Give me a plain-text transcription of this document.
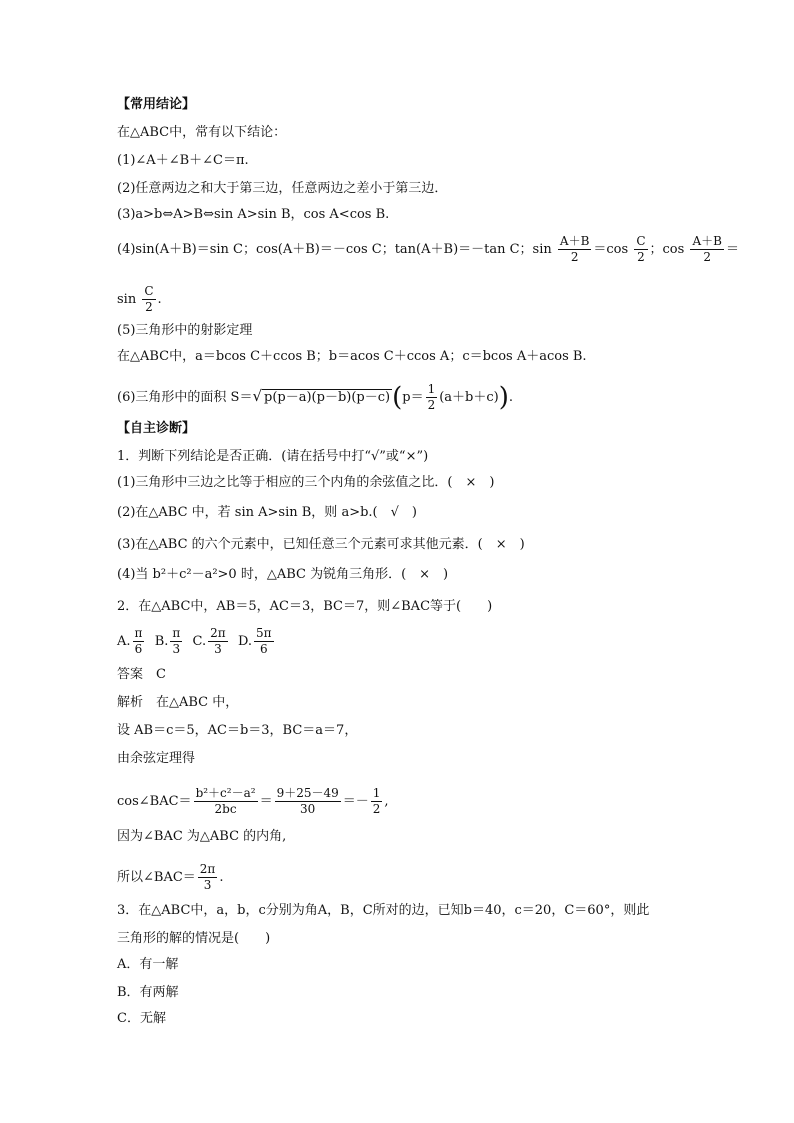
【常用结论】
在△ABC中，常有以下结论：
(1)∠A＋∠B＋∠C＝π.
(2)任意两边之和大于第三边，任意两边之差小于第三边．
(3)a>b⇔A>B⇔sin A>sin B，cos A<cos B.
(4)sin(A＋B)＝sin C；cos(A＋B)＝－cos C；tan(A＋B)＝－tan C；$\sin \frac{A+B}{2} =\cos \frac{C}{2}$ ；$\cos \frac{A+B}{2}$ ＝
$\sin \frac{C}{2}$ .
(5)三角形中的射影定理
在△ABC中，a＝bcos C＋ccos B；b＝acos C＋ccos A；c＝bcos A＋acos B.
(6)三角形中的面积 S＝√ $p(p-a)(p-b)(p-c)(p= \frac{1}{2} (a+b+c))$.
【自主诊断】
1．判断下列结论是否正确．(请在括号中打“√”或“×”)
(1)三角形中三边之比等于相应的三个内角的余弦值之比．(　×　)
(2)在△ABC 中，若 sin A>sin B，则 a>b.(　√　)
(3)在△ABC 的六个元素中，已知任意三个元素可求其他元素．(　×　)
(4)当 b²＋c²－a²>0 时，△ABC 为锐角三角形．(　×　)
2．在△ABC中，AB＝5，AC＝3，BC＝7，则∠BAC等于(　　)
A. $\frac{\pi}{6} B$. $\frac{\pi}{3} C$. $\frac{2\pi}{3} D$. $\frac{5\pi}{6}$
答案　C
解析　在△ABC 中，
设 AB＝c＝5，AC＝b＝3，BC＝a＝7，
由余弦定理得
cos∠BAC＝ $\frac{\text{b²＋c²－a²}}{2bc} = \frac{9+25-49}{30} =- \frac{1}{2}$ ,
因为∠BAC 为△ABC 的内角,
所以∠BAC＝ $\frac{2\pi}{3}$ .
3．在△ABC中，a，b，c分别为角A，B，C所对的边，已知b＝40，c＝20，C＝60°，则此
三角形的解的情况是(　　)
A．有一解
B．有两解
C．无解
